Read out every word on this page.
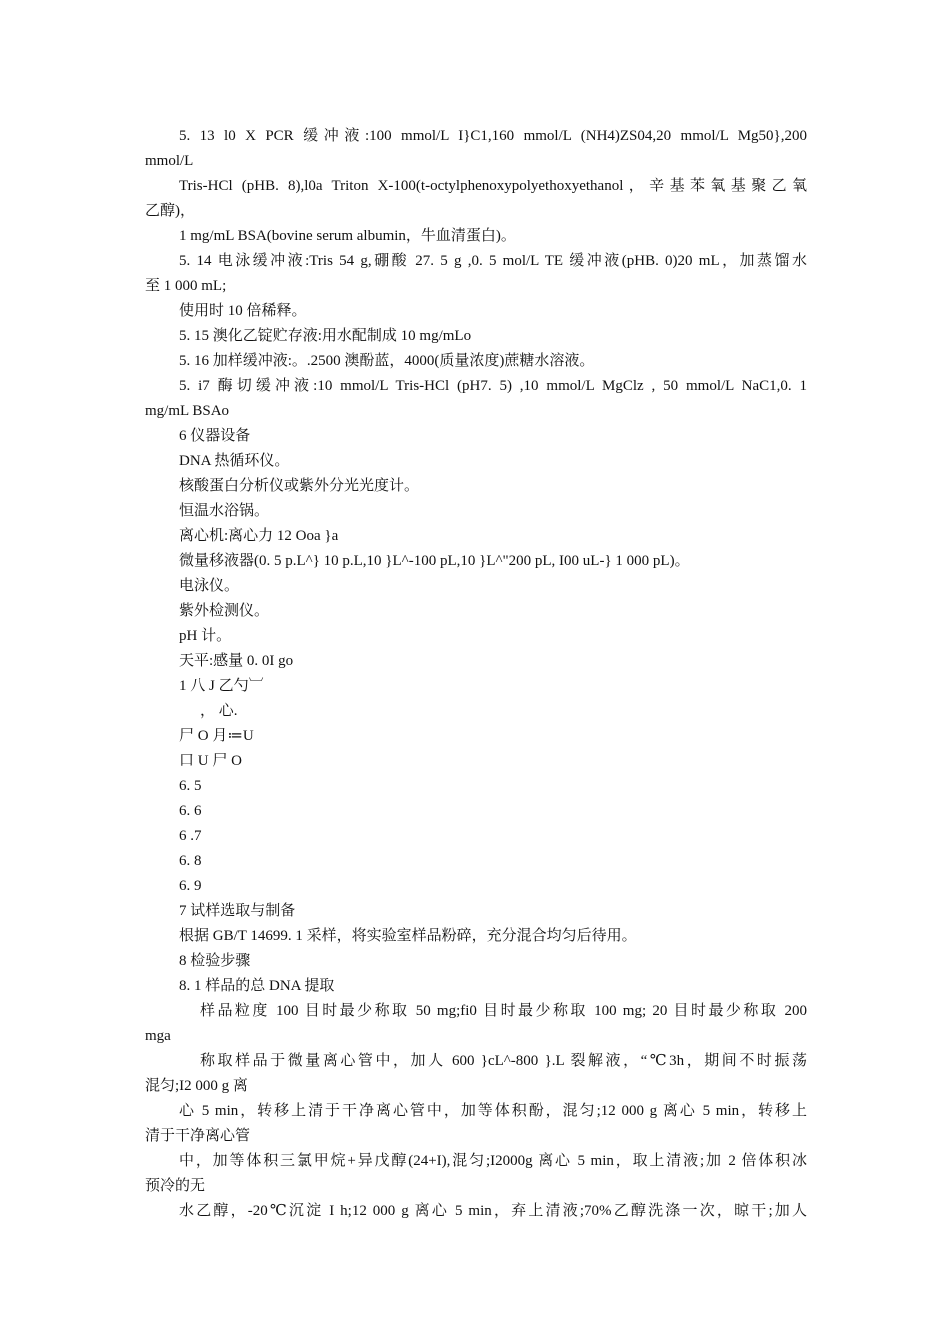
5. 13 l0 X PCR 缓冲液:100 mmol/L I}C1,160 mmol/L (NH4)ZS04,20 mmol/L Mg50},200
mmol/L
Tris-HCl (pHB. 8),l0a Triton X-100(t-octylphenoxypolyethoxyethanol，辛基苯氧基聚乙氧
乙醇)，
1 mg/mL BSA(bovine serum albumin，牛血清蛋白)。
5. 14 电泳缓冲液:Tris 54 g,硼酸 27. 5 g ,0. 5 mol/L TE 缓冲液(pHB. 0)20 mL，加蒸馏水
至 1 000 mL;
使用时 10 倍稀释。
5. 15 澳化乙锭贮存液:用水配制成 10 mg/mLo
5. 16 加样缓冲液:。.2500 澳酚蓝，4000(质量浓度)蔗糖水溶液。
5. i7 酶切缓冲液:10 mmol/L Tris-HCl (pH7. 5) ,10 mmol/L MgClz , 50 mmol/L NaC1,0. 1
mg/mL BSAo
6 仪器设备
DNA 热循环仪。
核酸蛋白分析仪或紫外分光光度计。
恒温水浴锅。
离心机:离心力 12 Ooa }a
微量移液器(0. 5 p.L^} 10 p.L,10 }L^-100 pL,10 }L^"200 pL, I00 uL-} 1 000 pL)。
电泳仪。
紫外检测仪。
pH 计。
天平:感量 0. 0I go
1 八 J 乙勺︺
， 心.
尸 O 月≔U
口 U 尸 O
6. 5
6. 6
6 .7
6. 8
6. 9
7 试样选取与制备
根据 GB/T 14699. 1 采样，将实验室样品粉碎，充分混合均匀后待用。
8 检验步骤
8. 1 样品的总 DNA 提取
样品粒度 100 目时最少称取 50 mg;fi0 目时最少称取 100 mg; 20 目时最少称取 200
mga
称取样品于微量离心管中，加人 600 }cL^-800 }.L 裂解液，“℃3h，期间不时振荡
混匀;I2 000 g 离
心 5 min，转移上清于干净离心管中，加等体积酚，混匀;12 000 g 离心 5 min，转移上
清于干净离心管
中，加等体积三氯甲烷+异戊醇(24+I),混匀;I2000g 离心 5 min，取上清液;加 2 倍体积冰
预冷的无
水乙醇，-20℃沉淀 I h;12 000 g 离心 5 min，弃上清液;70%乙醇洗涤一次，晾干;加人
